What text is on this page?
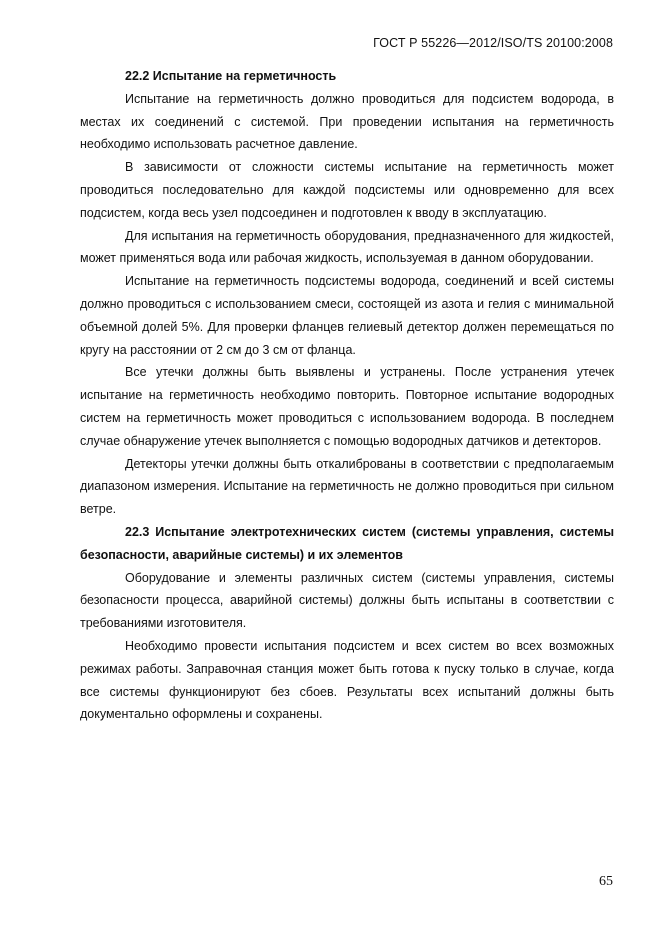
ГОСТ Р 55226—2012/ISO/TS 20100:2008
22.2 Испытание на герметичность

Испытание на герметичность должно проводиться для подсистем водорода, в местах их соединений с системой. При проведении испытания на герметичность необходимо использовать расчетное давление.

В зависимости от сложности системы испытание на герметичность может проводиться последовательно для каждой подсистемы или одновременно для всех подсистем, когда весь узел подсоединен и подготовлен к вводу в эксплуатацию.

Для испытания на герметичность оборудования, предназначенного для жидкостей, может применяться вода или рабочая жидкость, используемая в данном оборудовании.

Испытание на герметичность подсистемы водорода, соединений и всей системы должно проводиться с использованием смеси, состоящей из азота и гелия с минимальной объемной долей 5%. Для проверки фланцев гелиевый детектор должен перемещаться по кругу на расстоянии от 2 см до 3 см от фланца.

Все утечки должны быть выявлены и устранены. После устранения утечек испытание на герметичность необходимо повторить. Повторное испытание водородных систем на герметичность может проводиться с использованием водорода. В последнем случае обнаружение утечек выполняется с помощью водородных датчиков и детекторов.

Детекторы утечки должны быть откалиброваны в соответствии с предполагаемым диапазоном измерения. Испытание на герметичность не должно проводиться при сильном ветре.

22.3 Испытание электротехнических систем (системы управления, системы безопасности, аварийные системы) и их элементов

Оборудование и элементы различных систем (системы управления, системы безопасности процесса, аварийной системы) должны быть испытаны в соответствии с требованиями изготовителя.

Необходимо провести испытания подсистем и всех систем во всех возможных режимах работы. Заправочная станция может быть готова к пуску только в случае, когда все системы функционируют без сбоев. Результаты всех испытаний должны быть документально оформлены и сохранены.

65
